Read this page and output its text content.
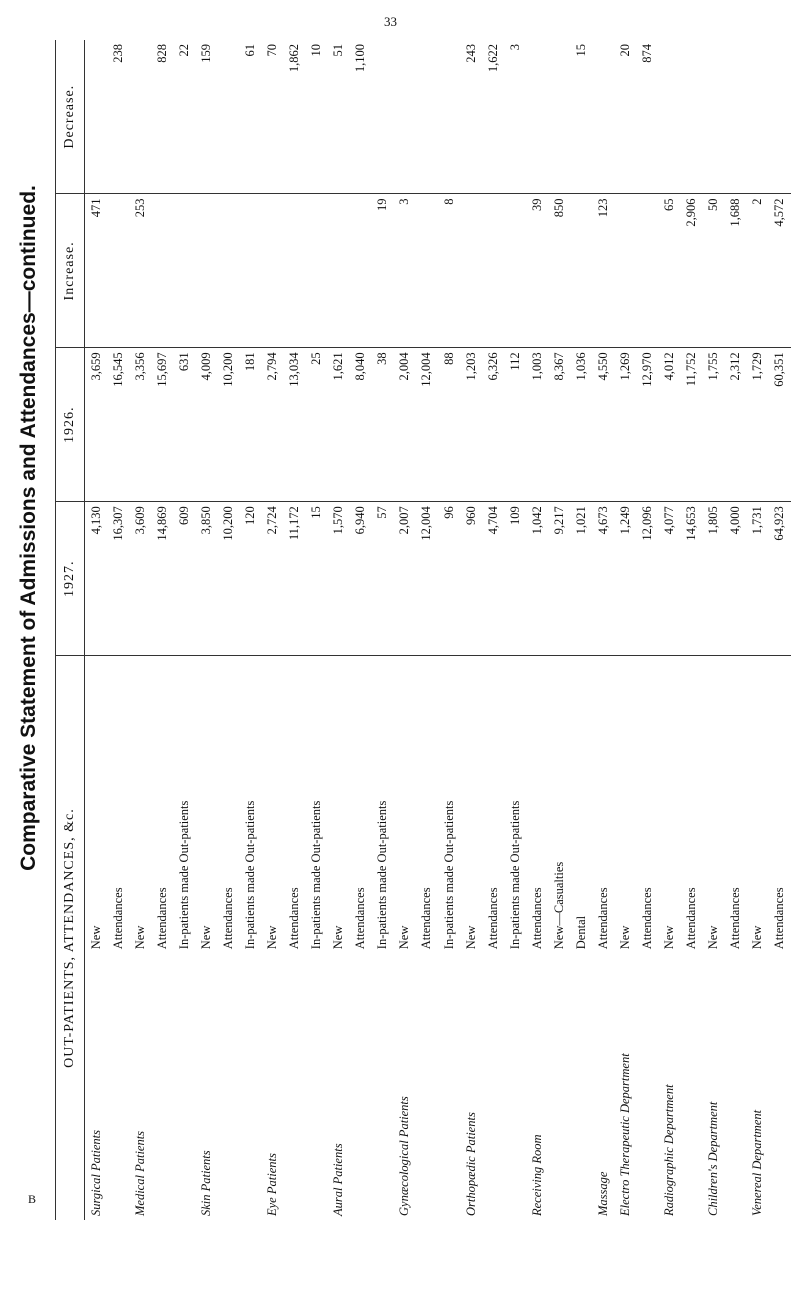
33
Comparative Statement of Admissions and Attendances—continued.
OUT-PATIENTS, ATTENDANCES, &c.		1927.	1926.	Increase.	Decrease.
Surgical Patients	New	4,130	3,659	471	
	Attendances	16,307	16,545		238
Medical Patients	New	3,609	3,356	253	
	Attendances	14,869	15,697		828
	In-patients made Out-patients	609	631		22
Skin Patients	New	3,850	4,009		159
	Attendances	10,200	10,200		
	In-patients made Out-patients	120	181		61
Eye Patients	New	2,724	2,794		70
	Attendances	11,172	13,034		1,862
	In-patients made Out-patients	15	25		10
Aural Patients	New	1,570	1,621		51
	Attendances	6,940	8,040		1,100
	In-patients made Out-patients	57	38	19	
Gynæcological Patients	New	2,007	2,004	3	
	Attendances	12,004	12,004		
	In-patients made Out-patients	96	88	8	
Orthopædic Patients	New	960	1,203		243
	Attendances	4,704	6,326		1,622
	In-patients made Out-patients	109	112		3
Receiving Room	Attendances	1,042	1,003	39	
	New—Casualties	9,217	8,367	850	
	Dental	1,021	1,036		15
Massage	Attendances	4,673	4,550	123	
Electro Therapeutic Department	New	1,249	1,269		20
	Attendances	12,096	12,970		874
Radiographic Department	New	4,077	4,012	65	
	Attendances	14,653	11,752	2,906	
Children's Department	New	1,805	1,755	50	
	Attendances	4,000	2,312	1,688	
Venereal Department	New	1,731	1,729	2	
	Attendances	64,923	60,351	4,572	
B
